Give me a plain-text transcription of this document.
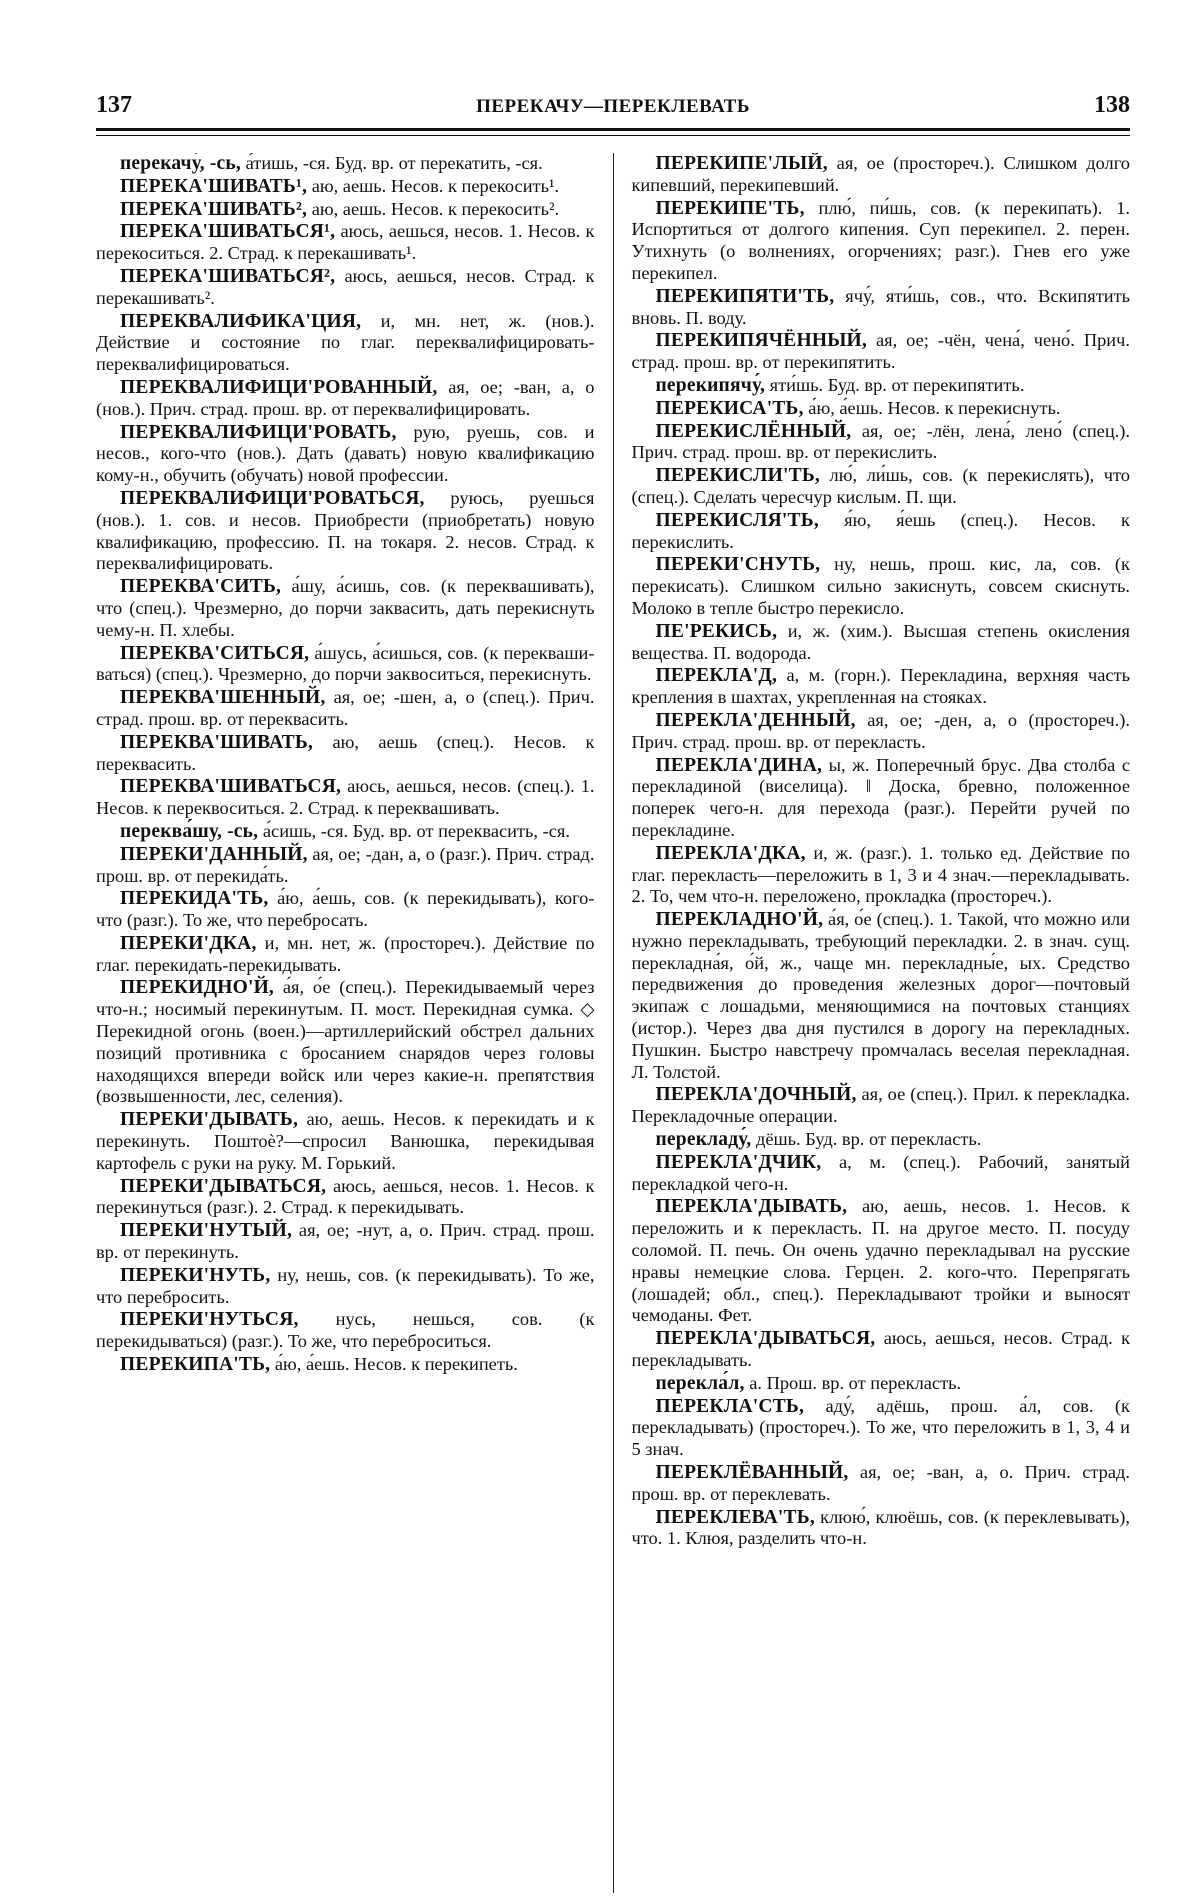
137	ПЕРЕКАЧУ—ПЕРЕКЛЕВАТЬ	138

перекачу́, -сь, а́тишь, -ся. Буд. вр. от перекатить, -ся.

ПЕРЕКА'ШИВАТЬ¹, аю, аешь. Несов. к перекосить¹.

ПЕРЕКА'ШИВАТЬ², аю, аешь. Несов. к перекосить².

ПЕРЕКА'ШИВАТЬСЯ¹, аюсь, аешься, несов. 1. Несов. к перекоситься. 2. Страд. к перекашивать¹.

ПЕРЕКА'ШИВАТЬСЯ², аюсь, аешься, несов. Страд. к перекашивать².

ПЕРЕКВАЛИФИКА'ЦИЯ, и, мн. нет, ж. (нов.). Действие и состояние по глаг. переквалифицировать-переквалифицироваться.

ПЕРЕКВАЛИФИЦИ'РОВАННЫЙ, ая, ое; -ван, а, о (нов.). Прич. страд. прош. вр. от переквалифицировать.

ПЕРЕКВАЛИФИЦИ'РОВАТЬ, рую, руешь, сов. и несов., кого-что (нов.). Дать (давать) новую квалификацию кому-н., обучить (обучать) новой профессии.

ПЕРЕКВАЛИФИЦИ'РОВАТЬСЯ, руюсь, руешься (нов.). 1. сов. и несов. Приобрести (приобретать) новую квалификацию, профессию. П. на токаря. 2. несов. Страд. к переквалифицировать.

ПЕРЕКВА'СИТЬ, а́шу, а́сишь, сов. (к переквашивать), что (спец.). Чрезмерно, до порчи заквасить, дать перекиснуть чему-н. П. хлебы.

ПЕРЕКВА'СИТЬСЯ, а́шусь, а́сишься, сов. (к переквашиваться) (спец.). Чрезмерно, до порчи заквоситься, перекиснуть.

ПЕРЕКВА'ШЕННЫЙ, ая, ое; -шен, а, о (спец.). Прич. страд. прош. вр. от переквасить.

ПЕРЕКВА'ШИВАТЬ, аю, аешь (спец.). Несов. к переквасить.

ПЕРЕКВА'ШИВАТЬСЯ, аюсь, аешься, несов. (спец.). 1. Несов. к переквоситься. 2. Страд. к переквашивать.

переква́шу, -сь, а́сишь, -ся. Буд. вр. от переквасить, -ся.

ПЕРЕКИ'ДАННЫЙ, ая, ое; -дан, а, о (разг.). Прич. страд. прош. вр. от перекида́ть.

ПЕРЕКИДА'ТЬ, а́ю, а́ешь, сов. (к перекидывать), кого-что (разг.). То же, что перебросать.

ПЕРЕКИ'ДКА, и, мн. нет, ж. (простореч.). Действие по глаг. перекидать-перекидывать.

ПЕРЕКИДНО'Й, а́я, о́е (спец.). Перекидываемый через что-н.; носимый перекинутым. П. мост. Перекидная сумка. ◇ Перекидной огонь (воен.)—артиллерийский обстрел дальних позиций противника с бросанием снарядов через головы находящихся впереди войск или через какие-н. препятствия (возвышенности, лес, селения).

ПЕРЕКИ'ДЫВАТЬ, аю, аешь. Несов. к перекидать и к перекинуть. Поштоè?—спросил Ванюшка, перекидывая картофель с руки на руку. М. Горький.

ПЕРЕКИ'ДЫВАТЬСЯ, аюсь, аешься, несов. 1. Несов. к перекинуться (разг.). 2. Страд. к перекидывать.

ПЕРЕКИ'НУТЫЙ, ая, ое; -нут, а, о. Прич. страд. прош. вр. от перекинуть.

ПЕРЕКИ'НУТЬ, ну, нешь, сов. (к перекидывать). То же, что перебросить.

ПЕРЕКИ'НУТЬСЯ, нусь, нешься, сов. (к перекидываться) (разг.). То же, что переброситься.

ПЕРЕКИПА'ТЬ, а́ю, а́ешь. Несов. к перекипеть.

ПЕРЕКИПЕ'ЛЫЙ, ая, ое (простореч.). Слишком долго кипевший, перекипевший.

ПЕРЕКИПЕ'ТЬ, плю́, пи́шь, сов. (к перекипать). 1. Испортиться от долгого кипения. Суп перекипел. 2. перен. Утихнуть (о волнениях, огорчениях; разг.). Гнев его уже перекипел.

ПЕРЕКИПЯТИ'ТЬ, ячу́, яти́шь, сов., что. Вскипятить вновь. П. воду.

ПЕРЕКИПЯЧЁННЫЙ, ая, ое; -чён, чена́, чено́. Прич. страд. прош. вр. от перекипятить.

перекипячу́, яти́шь. Буд. вр. от перекипятить.

ПЕРЕКИСА'ТЬ, а́ю, а́ешь. Несов. к перекиснуть.

ПЕРЕКИСЛЁННЫЙ, ая, ое; -лён, лена́, лено́ (спец.). Прич. страд. прош. вр. от перекислить.

ПЕРЕКИСЛИ'ТЬ, лю́, ли́шь, сов. (к перекислять), что (спец.). Сделать чересчур кислым. П. щи.

ПЕРЕКИСЛЯ'ТЬ, я́ю, я́ешь (спец.). Несов. к перекислить.

ПЕРЕКИ'СНУТЬ, ну, нешь, прош. кис, ла, сов. (к перекисать). Слишком сильно закиснуть, совсем скиснуть. Молоко в тепле быстро перекисло.

ПЕ'РЕКИСЬ, и, ж. (хим.). Высшая степень окисления вещества. П. водорода.

ПЕРЕКЛА'Д, а, м. (горн.). Перекладина, верхняя часть крепления в шахтах, укрепленная на стояках.

ПЕРЕКЛА'ДЕННЫЙ, ая, ое; -ден, а, о (простореч.). Прич. страд. прош. вр. от переклaсть.

ПЕРЕКЛА'ДИНА, ы, ж. Поперечный брус. Два столба с перекладиной (виселица). ‖ Доска, бревно, положенное поперек чего-н. для перехода (разг.). Перейти ручей по перекладине.

ПЕРЕКЛА'ДКА, и, ж. (разг.). 1. только ед. Действие по глаг. переклaсть—переложить в 1, 3 и 4 знач.—перекладывать. 2. То, чем что-н. переложено, прокладка (простореч.).

ПЕРЕКЛАДНО'Й, а́я, о́е (спец.). 1. Такой, что можно или нужно перекладывать, требующий перекладки. 2. в знач. сущ. перекладна́я, о́й, ж., чаще мн. перекладны́е, ых. Средство передвижения до проведения железных дорог—почтовый экипаж с лошадьми, меняющимися на почтовых станциях (истор.). Через два дня пустился в дорогу на перекладных. Пушкин. Быстро навстречу промчалась веселая перекладная. Л. Толстой.

ПЕРЕКЛА'ДОЧНЫЙ, ая, ое (спец.). Прил. к перекладка. Перекладочные операции.

перекладу́, дёшь. Буд. вр. от переклaсть.

ПЕРЕКЛА'ДЧИК, а, м. (спец.). Рабочий, занятый перекладкой чего-н.

ПЕРЕКЛА'ДЫВАТЬ, аю, аешь, несов. 1. Несов. к переложить и к переклaсть. П. на другое место. П. посуду соломой. П. печь. Он очень удачно перекладывал на русские нравы немецкие слова. Герцен. 2. кого-что. Перепрягать (лошадей; обл., спец.). Перекладывают тройки и выносят чемоданы. Фет.

ПЕРЕКЛА'ДЫВАТЬСЯ, аюсь, аешься, несов. Страд. к перекладывать.

перекла́л, а. Прош. вр. от переклaсть.

ПЕРЕКЛА'СТЬ, аду́, адёшь, прош. а́л, сов. (к перекладывать) (простореч.). То же, что переложить в 1, 3, 4 и 5 знач.

ПЕРЕКЛЁВАННЫЙ, ая, ое; -ван, а, о. Прич. страд. прош. вр. от переклевать.

ПЕРЕКЛЕВА'ТЬ, клюю́, клюёшь, сов. (к переклевывать), что. 1. Клюя, разделить что-н.
